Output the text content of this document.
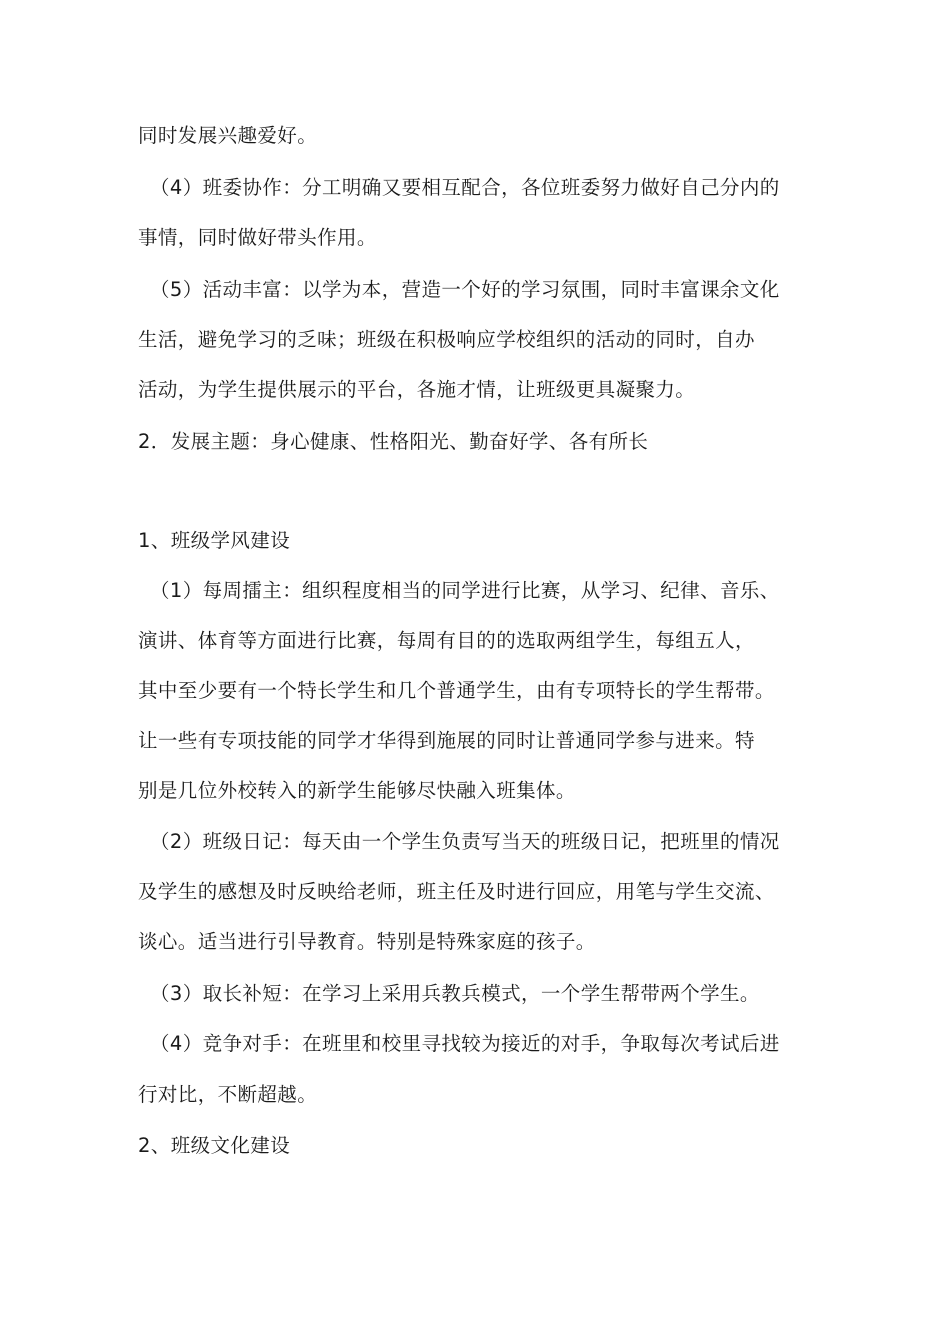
同时发展兴趣爱好。
（4）班委协作：分工明确又要相互配合，各位班委努力做好自己分内的
事情，同时做好带头作用。
（5）活动丰富：以学为本，营造一个好的学习氛围，同时丰富课余文化
生活，避免学习的乏味；班级在积极响应学校组织的活动的同时，自办
活动，为学生提供展示的平台，各施才情，让班级更具凝聚力。
2．发展主题：身心健康、性格阳光、勤奋好学、各有所长
1、班级学风建设
（1）每周擂主：组织程度相当的同学进行比赛，从学习、纪律、音乐、
演讲、体育等方面进行比赛，每周有目的的选取两组学生，每组五人，
其中至少要有一个特长学生和几个普通学生，由有专项特长的学生帮带。
让一些有专项技能的同学才华得到施展的同时让普通同学参与进来。特
别是几位外校转入的新学生能够尽快融入班集体。
（2）班级日记：每天由一个学生负责写当天的班级日记，把班里的情况
及学生的感想及时反映给老师，班主任及时进行回应，用笔与学生交流、
谈心。适当进行引导教育。特别是特殊家庭的孩子。
（3）取长补短：在学习上采用兵教兵模式，一个学生帮带两个学生。
（4）竞争对手：在班里和校里寻找较为接近的对手，争取每次考试后进
行对比，不断超越。
2、班级文化建设
